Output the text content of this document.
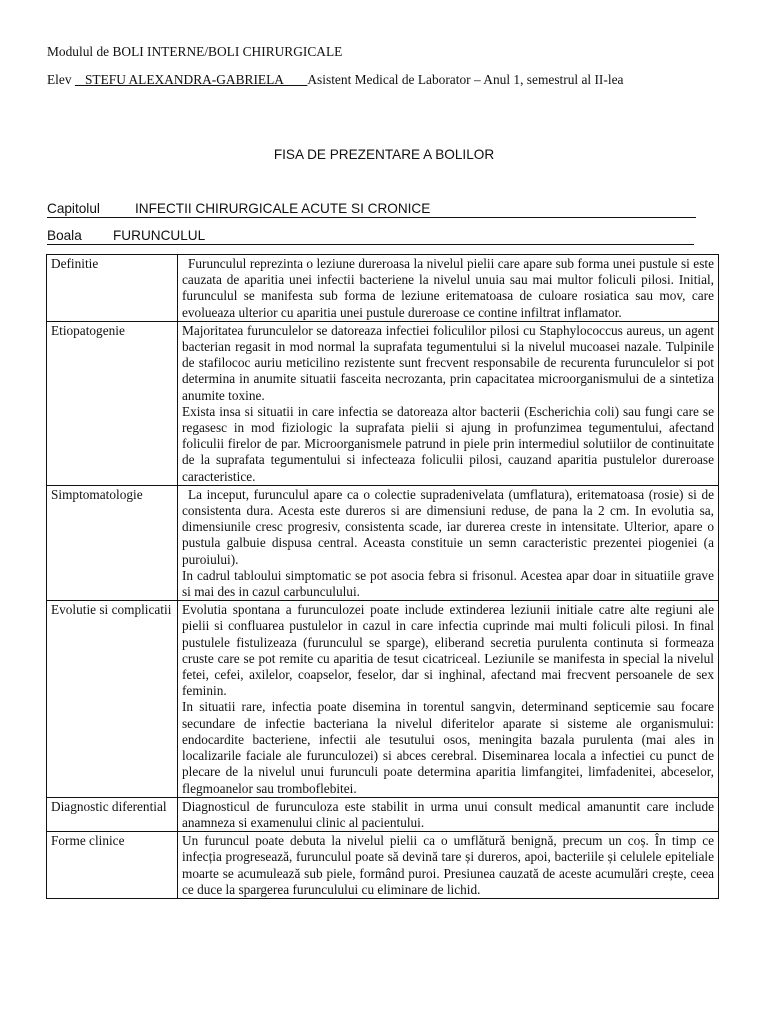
Modulul de BOLI INTERNE/BOLI CHIRURGICALE
Elev STEFU ALEXANDRA-GABRIELA Asistent Medical de Laborator – Anul 1, semestrul al II-lea
FISA DE PREZENTARE A BOLILOR
Capitolul	INFECTII CHIRURGICALE ACUTE SI CRONICE
Boala FURUNCULUL
Definitie	Furunculul reprezinta o leziune dureroasa la nivelul pielii care apare sub forma unei pustule si este cauzata de aparitia unei infectii bacteriene la nivelul unuia sau mai multor foliculi pilosi. Initial, furunculul se manifesta sub forma de leziune eritematoasa de culoare rosiatica sau mov, care evolueaza ulterior cu aparitia unei pustule dureroase ce contine infiltrat inflamator.

Etiopatogenie	Majoritatea furunculelor se datoreaza infectiei foliculilor pilosi cu Staphylococcus aureus, un agent bacterian regasit in mod normal la suprafata tegumentului si la nivelul mucoasei nazale. Tulpinile de stafilococ auriu meticilino rezistente sunt frecvent responsabile de recurenta furunculelor si pot determina in anumite situatii fasceita necrozanta, prin capacitatea microorganismului de a sintetiza anumite toxine.

Exista insa si situatii in care infectia se datoreaza altor bacterii (Escherichia coli) sau fungi care se regasesc in mod fiziologic la suprafata pielii si ajung in profunzimea tegumentului, afectand foliculii firelor de par. Microorganismele patrund in piele prin intermediul solutiilor de continuitate de la suprafata tegumentului si infecteaza foliculii pilosi, cauzand aparitia pustulelor dureroase caracteristice.

Simptomatologie	La inceput, furunculul apare ca o colectie supradenivelata (umflatura), eritematoasa (rosie) si de consistenta dura. Acesta este dureros si are dimensiuni reduse, de pana la 2 cm. In evolutia sa, dimensiunile cresc progresiv, consistenta scade, iar durerea creste in intensitate. Ulterior, apare o pustula galbuie dispusa central. Aceasta constituie un semn caracteristic prezentei piogeniei (a puroiului).

In cadrul tabloului simptomatic se pot asocia febra si frisonul. Acestea apar doar in situatiile grave si mai des in cazul carbunculului.

Evolutie si complicatii	Evolutia spontana a furunculozei poate include extinderea leziunii initiale catre alte regiuni ale pielii si confluarea pustulelor in cazul in care infectia cuprinde mai multi foliculi pilosi. In final pustulele fistulizeaza (furunculul se sparge), eliberand secretia purulenta continuta si formeaza cruste care se pot remite cu aparitia de tesut cicatriceal. Leziunile se manifesta in special la nivelul fetei, cefei, axilelor, coapselor, feselor, dar si inghinal, afectand mai frecvent persoanele de sex feminin.

In situatii rare, infectia poate disemina in torentul sangvin, determinand septicemie sau focare secundare de infectie bacteriana la nivelul diferitelor aparate si sisteme ale organismului: endocardite bacteriene, infectii ale tesutului osos, meningita bazala purulenta (mai ales in localizarile faciale ale furunculozei) si abces cerebral. Diseminarea locala a infectiei cu punct de plecare de la nivelul unui furunculi poate determina aparitia limfangitei, limfadenitei, abceselor, flegmoanelor sau tromboflebitei.

Diagnostic diferential	Diagnosticul de furunculoza este stabilit in urma unui consult medical amanuntit care include anamneza si examenului clinic al pacientului.

Forme clinice	Un furuncul poate debuta la nivelul pielii ca o umflătură benignă, precum un coș. În timp ce infecția progresează, furunculul poate să devină tare și dureros, apoi, bacteriile și celulele epiteliale moarte se acumulează sub piele, formând puroi. Presiunea cauzată de aceste acumulări crește, ceea ce duce la spargerea furunculului cu eliminare de lichid.
